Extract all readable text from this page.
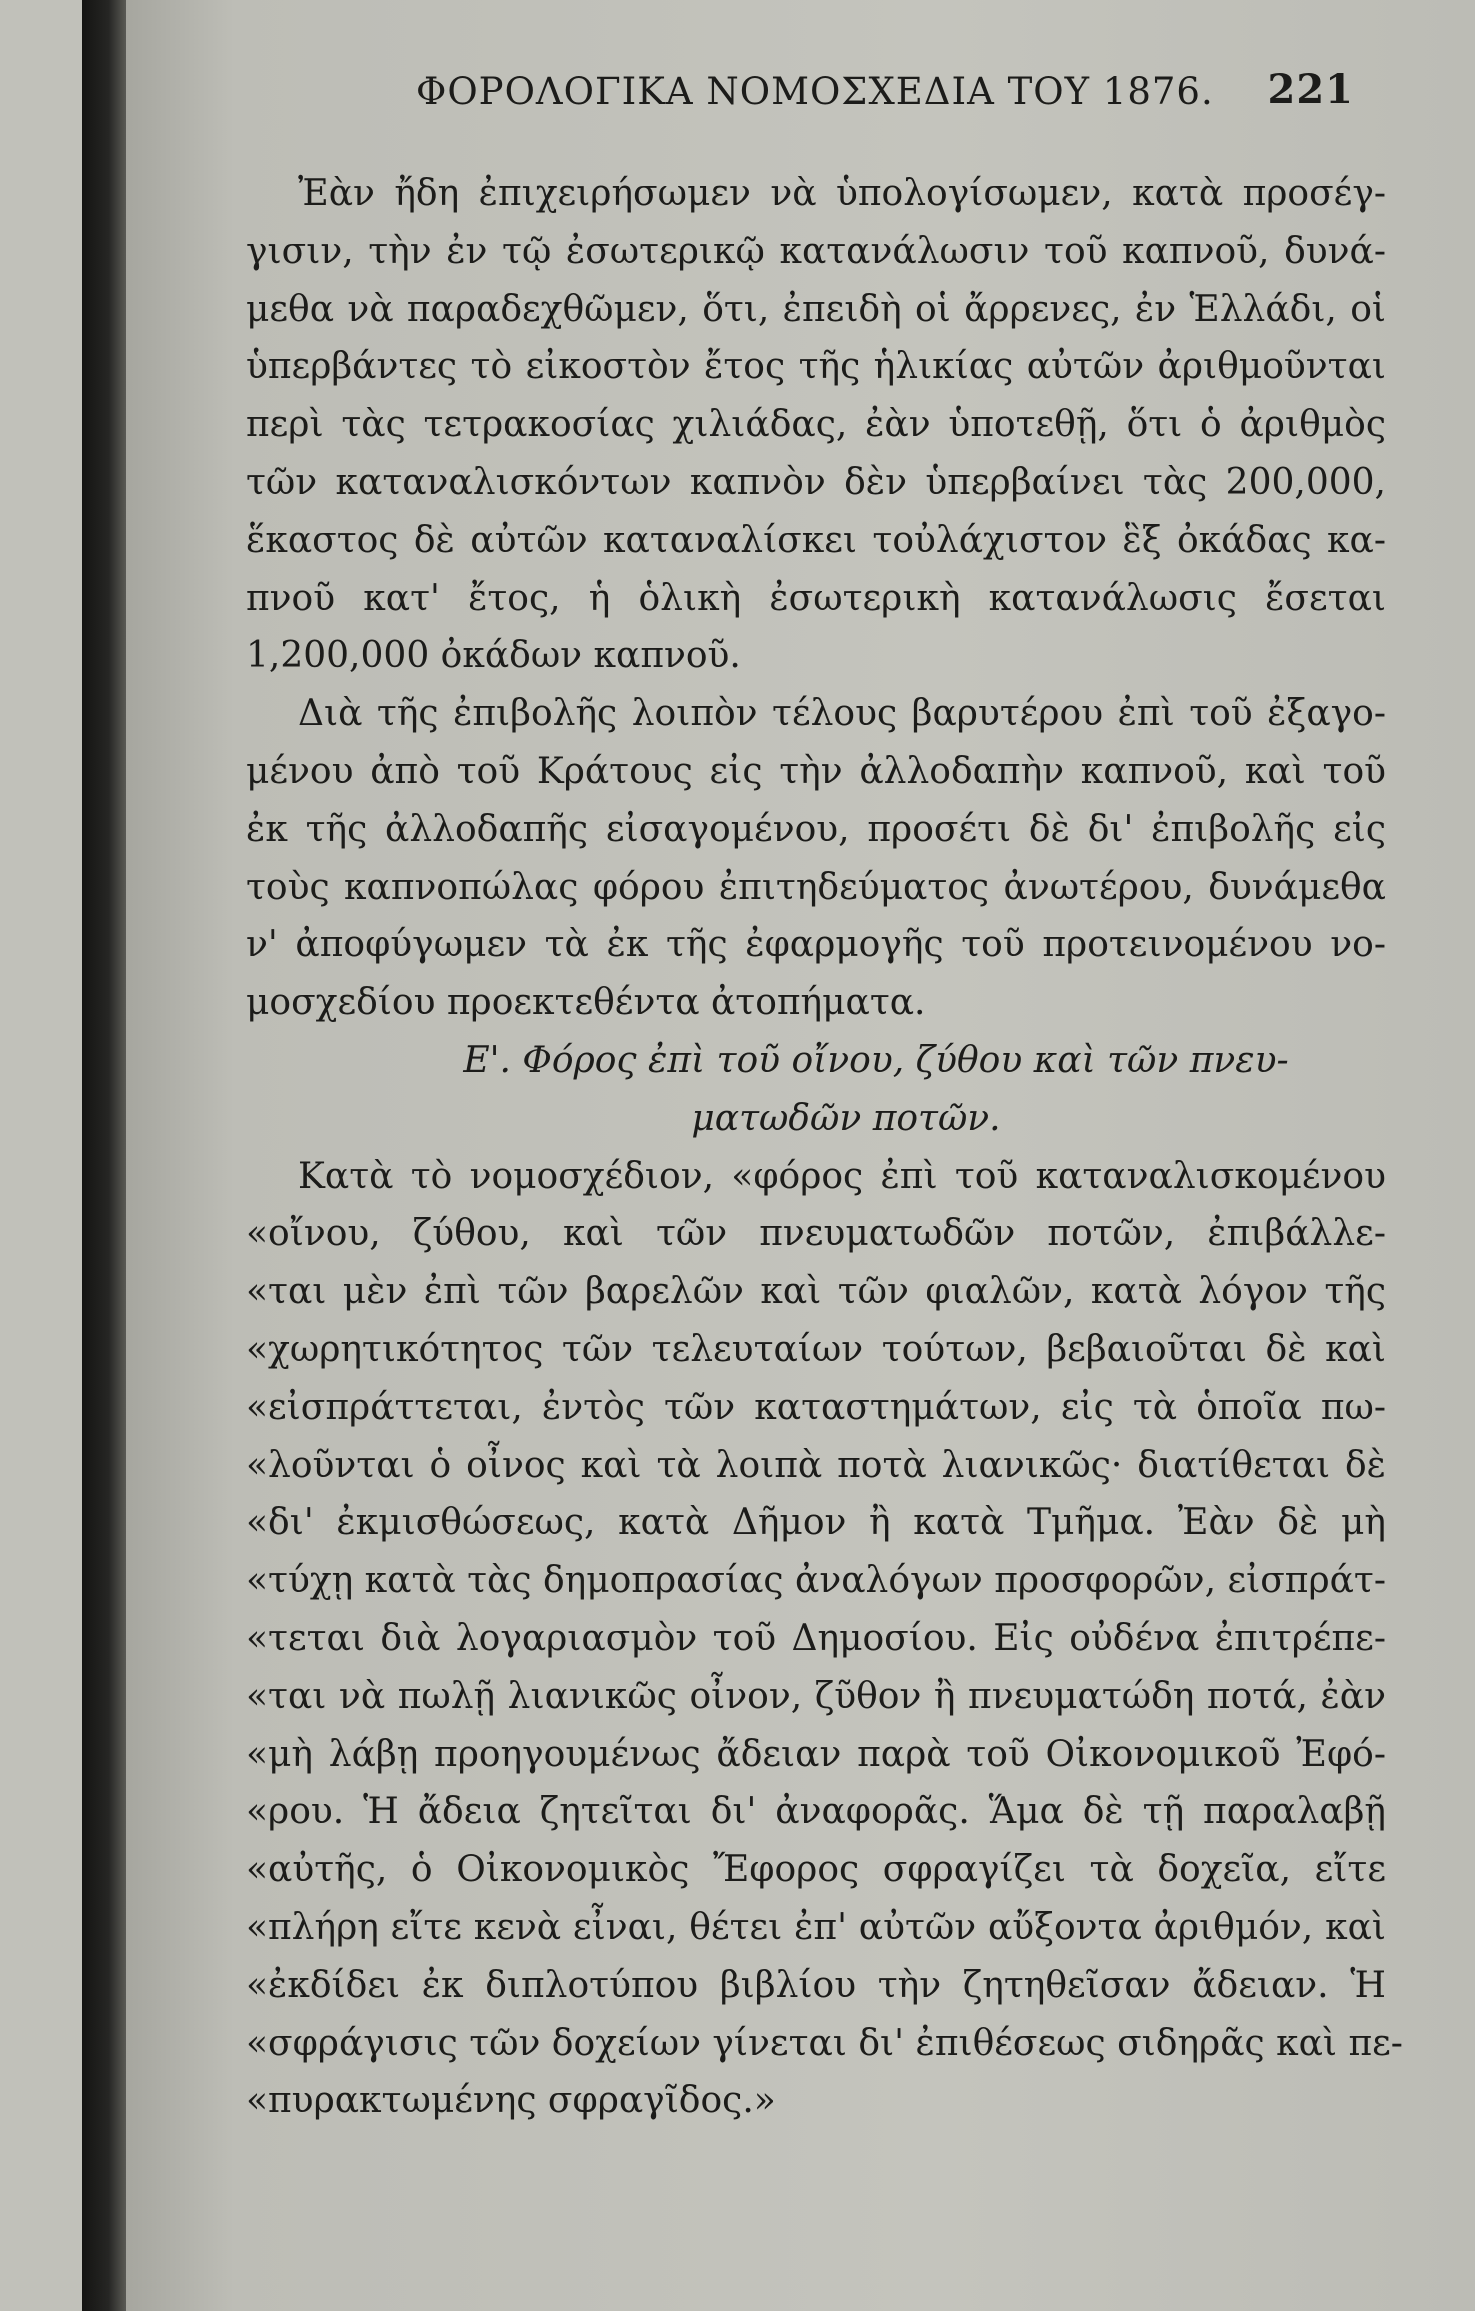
ΦΟΡΟΛΟΓΙΚΑ ΝΟΜΟΣΧΕΔΙΑ ΤΟΥ 1876. 221
Ἐὰν ἤδη ἐπιχειρήσωμεν νὰ ὑπολογίσωμεν, κατὰ προσέγ-
γισιν, τὴν ἐν τῷ ἐσωτερικῷ κατανάλωσιν τοῦ καπνοῦ, δυνά-
μεθα νὰ παραδεχθῶμεν, ὅτι, ἐπειδὴ οἱ ἄρρενες, ἐν Ἑλλάδι, οἱ
ὑπερβάντες τὸ εἰκοστὸν ἔτος τῆς ἡλικίας αὐτῶν ἀριθμοῦνται
περὶ τὰς τετρακοσίας χιλιάδας, ἐὰν ὑποτεθῇ, ὅτι ὁ ἀριθμὸς
τῶν καταναλισκόντων καπνὸν δὲν ὑπερβαίνει τὰς 200,000,
ἕκαστος δὲ αὐτῶν καταναλίσκει τοὐλάχιστον ἓξ ὀκάδας κα-
πνοῦ κατ' ἔτος, ἡ ὁλικὴ ἐσωτερικὴ κατανάλωσις ἔσεται
1,200,000 ὀκάδων καπνοῦ.
Διὰ τῆς ἐπιβολῆς λοιπὸν τέλους βαρυτέρου ἐπὶ τοῦ ἐξαγο-
μένου ἀπὸ τοῦ Κράτους εἰς τὴν ἀλλοδαπὴν καπνοῦ, καὶ τοῦ
ἐκ τῆς ἀλλοδαπῆς εἰσαγομένου, προσέτι δὲ δι' ἐπιβολῆς εἰς
τοὺς καπνοπώλας φόρου ἐπιτηδεύματος ἀνωτέρου, δυνάμεθα
ν' ἀποφύγωμεν τὰ ἐκ τῆς ἐφαρμογῆς τοῦ προτεινομένου νο-
μοσχεδίου προεκτεθέντα ἀτοπήματα.
Ε'. Φόρος ἐπὶ τοῦ οἴνου, ζύθου καὶ τῶν πνευ-
ματωδῶν ποτῶν.
Κατὰ τὸ νομοσχέδιον, «φόρος ἐπὶ τοῦ καταναλισκομένου
«οἴνου, ζύθου, καὶ τῶν πνευματωδῶν ποτῶν, ἐπιβάλλε-
«ται μὲν ἐπὶ τῶν βαρελῶν καὶ τῶν φιαλῶν, κατὰ λόγον τῆς
«χωρητικότητος τῶν τελευταίων τούτων, βεβαιοῦται δὲ καὶ
«εἰσπράττεται, ἐντὸς τῶν καταστημάτων, εἰς τὰ ὁποῖα πω-
«λοῦνται ὁ οἶνος καὶ τὰ λοιπὰ ποτὰ λιανικῶς· διατίθεται δὲ
«δι' ἐκμισθώσεως, κατὰ Δῆμον ἢ κατὰ Τμῆμα. Ἐὰν δὲ μὴ
«τύχῃ κατὰ τὰς δημοπρασίας ἀναλόγων προσφορῶν, εἰσπράτ-
«τεται διὰ λογαριασμὸν τοῦ Δημοσίου. Εἰς οὐδένα ἐπιτρέπε-
«ται νὰ πωλῇ λιανικῶς οἶνον, ζῦθον ἢ πνευματώδη ποτά, ἐὰν
«μὴ λάβῃ προηγουμένως ἄδειαν παρὰ τοῦ Οἰκονομικοῦ Ἐφό-
«ρου. Ἡ ἄδεια ζητεῖται δι' ἀναφορᾶς. Ἅμα δὲ τῇ παραλαβῇ
«αὐτῆς, ὁ Οἰκονομικὸς Ἔφορος σφραγίζει τὰ δοχεῖα, εἴτε
«πλήρη εἴτε κενὰ εἶναι, θέτει ἐπ' αὐτῶν αὔξοντα ἀριθμόν, καὶ
«ἐκδίδει ἐκ διπλοτύπου βιβλίου τὴν ζητηθεῖσαν ἄδειαν. Ἡ
«σφράγισις τῶν δοχείων γίνεται δι' ἐπιθέσεως σιδηρᾶς καὶ πε-
«πυρακτωμένης σφραγῖδος.»
